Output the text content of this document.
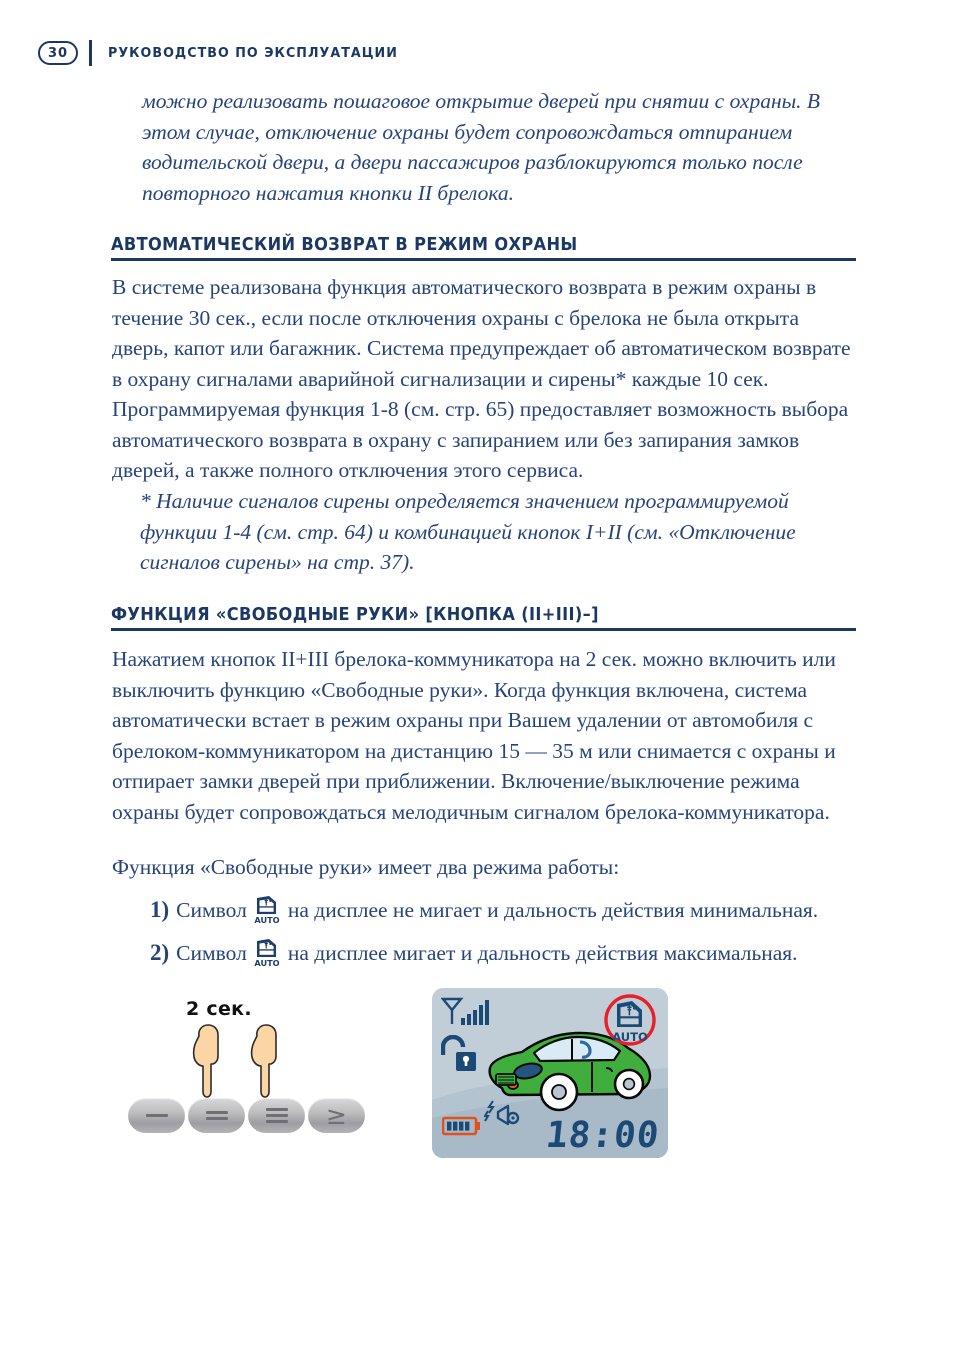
30	РУКОВОДСТВО ПО ЭКСПЛУАТАЦИИ
можно реализовать пошаговое открытие дверей при снятии с охраны. В этом случае, отключение охраны будет сопровождаться отпиранием водительской двери, а двери пассажиров разблокируются только после повторного нажатия кнопки II брелока.
АВТОМАТИЧЕСКИЙ ВОЗВРАТ В РЕЖИМ ОХРАНЫ
В системе реализована функция автоматического возврата в режим охраны в течение 30 сек., если после отключения охраны с брелока не была открыта дверь, капот или багажник. Система предупреждает об автоматическом возврате в охрану сигналами аварийной сигнализации и сирены* каждые 10 сек. Программируемая функция 1-8 (см. стр. 65) предоставляет возможность выбора автоматического возврата в охрану с запиранием или без запирания замков дверей, а также полного отключения этого сервиса.
* Наличие сигналов сирены определяется значением программируемой функции 1-4 (см. стр. 64) и комбинацией кнопок I+II (см. «Отключение сигналов сирены» на стр. 37).
ФУНКЦИЯ «СВОБОДНЫЕ РУКИ» [КНОПКА (II+III)–]
Нажатием кнопок II+III брелока-коммуникатора на 2 сек. можно включить или выключить функцию «Свободные руки». Когда функция включена, система автоматически встает в режим охраны при Вашем удалении от автомобиля с брелоком-коммуникатором на дистанцию 15 — 35 м или снимается с охраны и отпирает замки дверей при приближении. Включение/выключение режима охраны будет сопровождаться мелодичным сигналом брелока-коммуникатора.
Функция «Свободные руки» имеет два режима работы:
1) Символ AUTO на дисплее не мигает и дальность действия минимальная.
2) Символ AUTO на дисплее мигает и дальность действия максимальная.
2 сек.
≥
AUTO
18:00
